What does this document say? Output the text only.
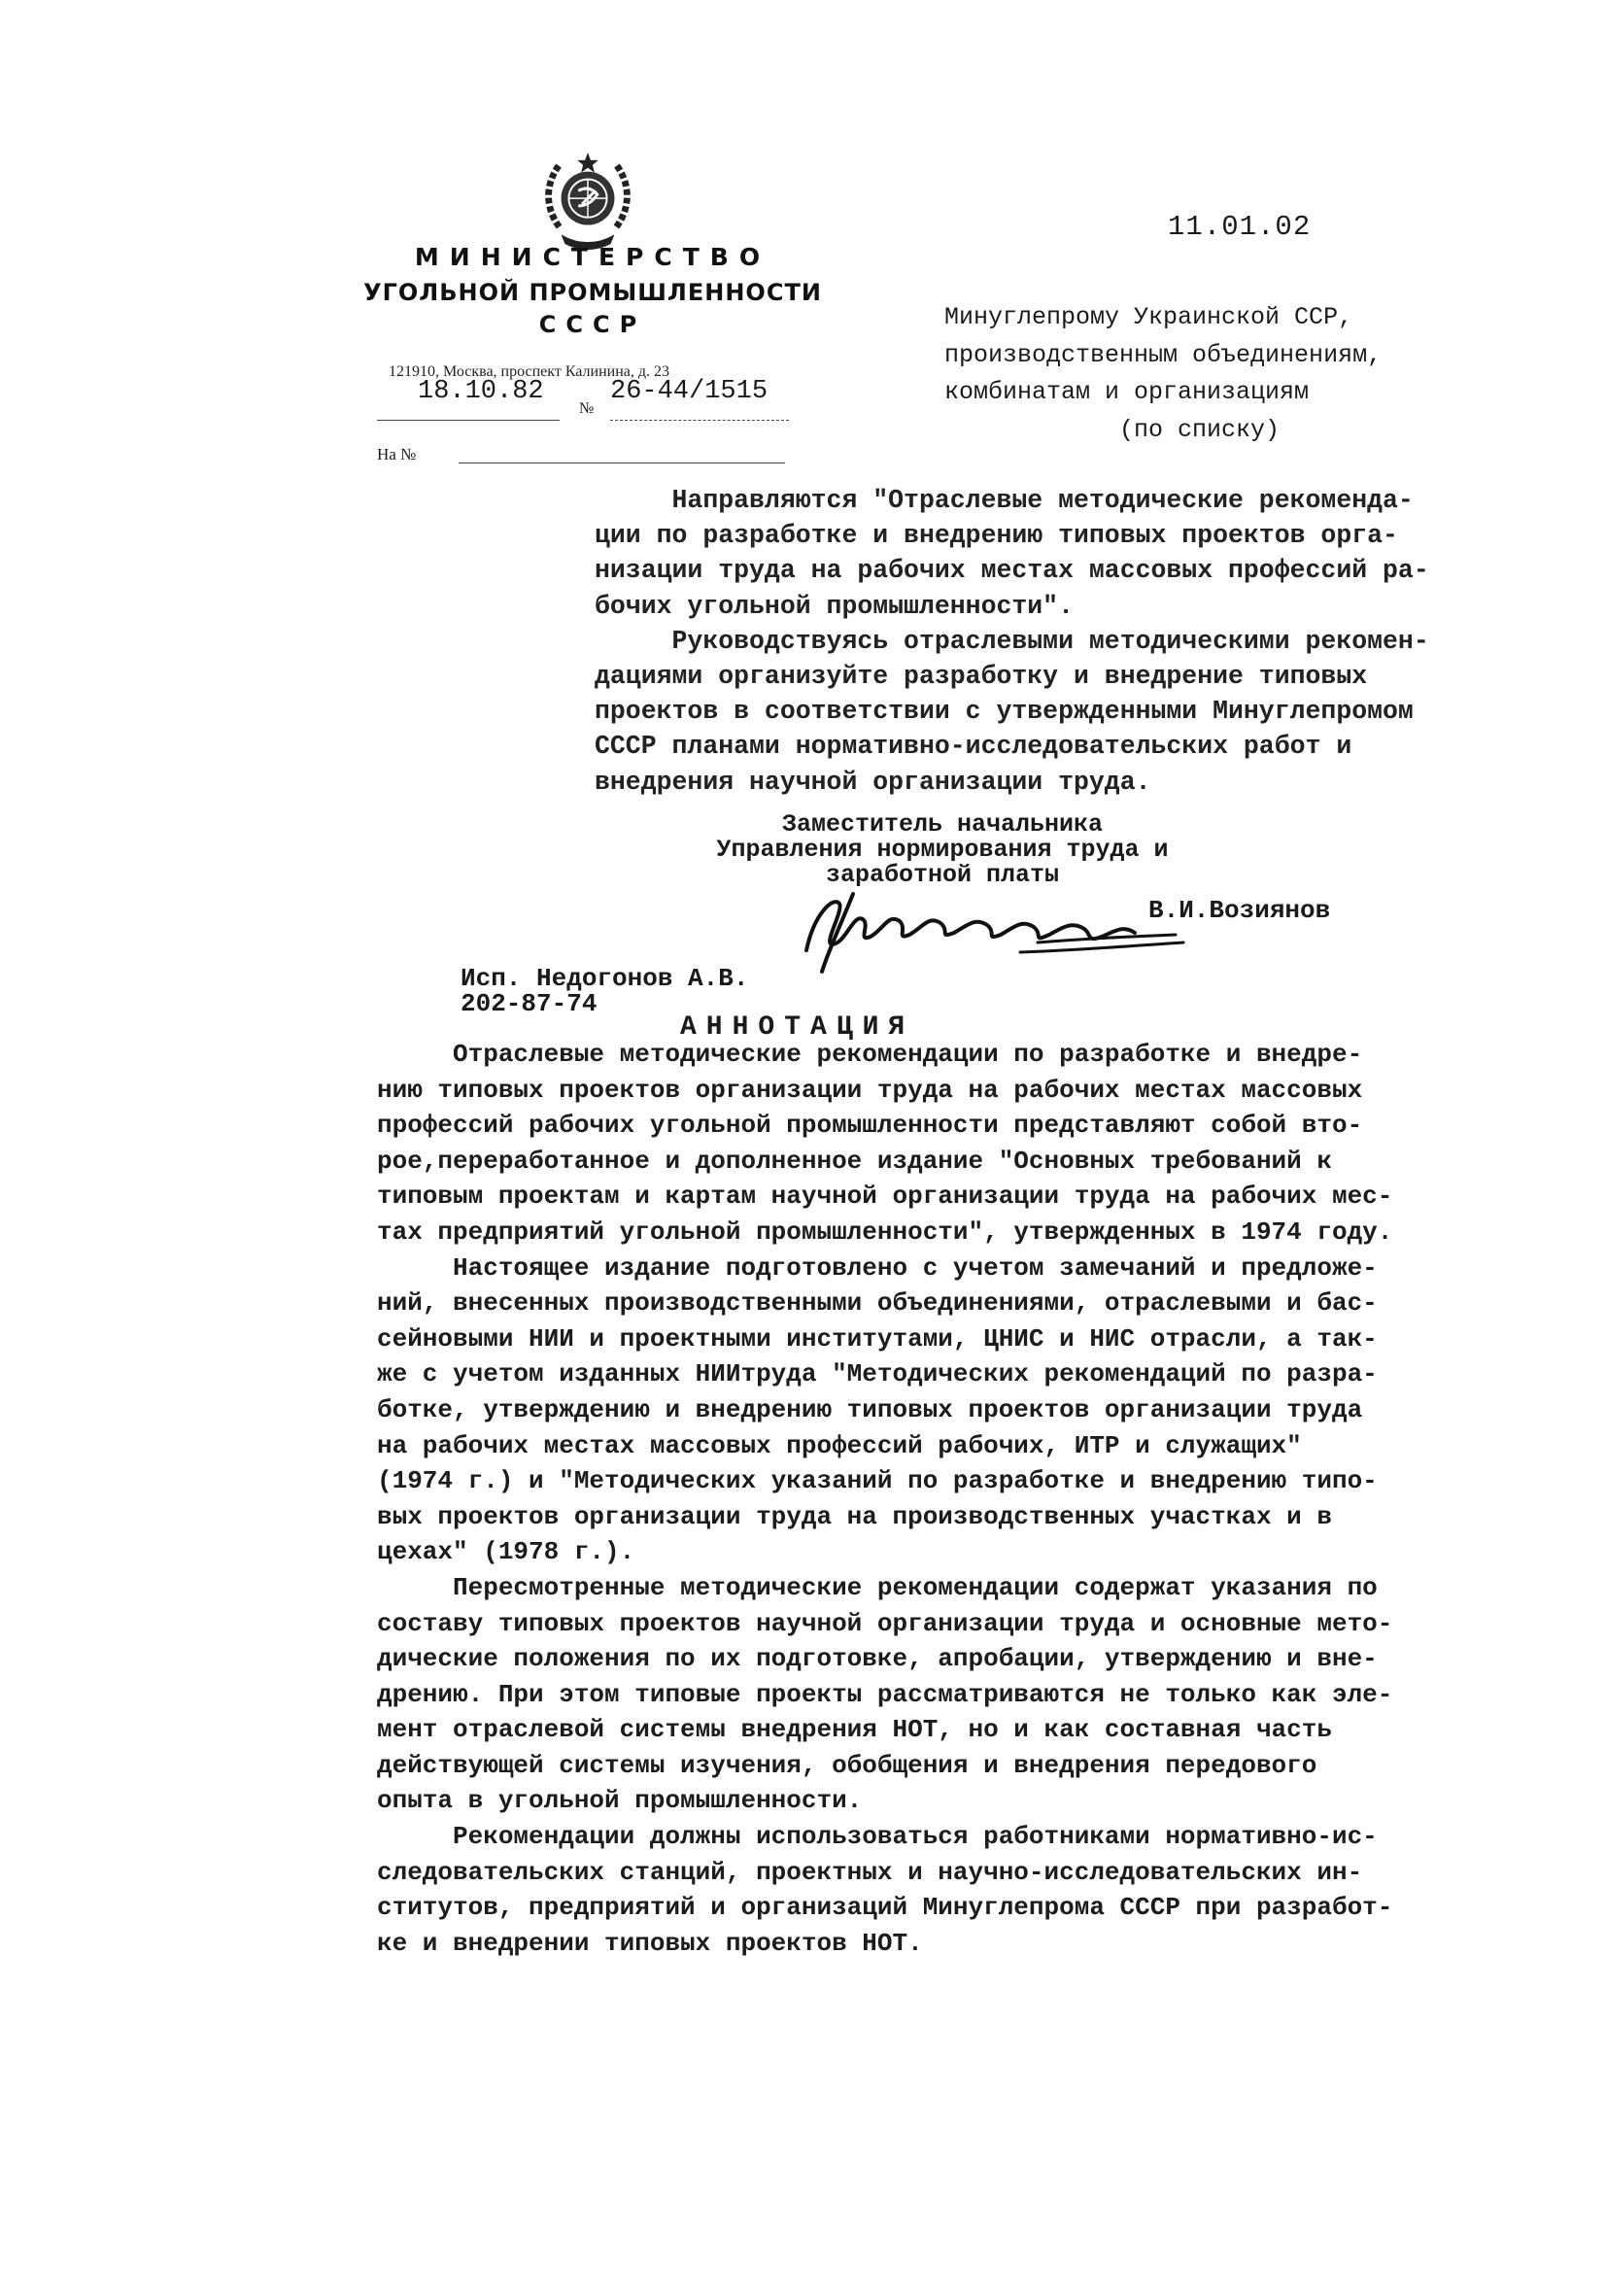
МИНИСТЕРСТВО
УГОЛЬНОЙ ПРОМЫШЛЕННОСТИ
СССР
121910, Москва, проспект Калинина, д. 23
18.10.82
№
26-44/1515
На №
11.01.02
Минуглепрому Украинской ССР,
производственным объединениям,
комбинатам и организациям
(по списку)
Направляются "Отраслевые методические рекоменда-
ции по разработке и внедрению типовых проектов орга-
низации труда на рабочих местах массовых профессий ра-
бочих угольной промышленности".
Руководствуясь отраслевыми методическими рекомен-
дациями организуйте разработку и внедрение типовых
проектов в соответствии с утвержденными Минуглепромом
СССР планами нормативно-исследовательских работ и
внедрения научной организации труда.
Заместитель начальника
Управления нормирования труда и
заработной платы
В.И.Возиянов
Исп. Недогонов А.В.
202-87-74
АННОТАЦИЯ
Отраслевые методические рекомендации по разработке и внедре-
нию типовых проектов организации труда на рабочих местах массовых
профессий рабочих угольной промышленности представляют собой вто-
рое,переработанное и дополненное издание "Основных требований к
типовым проектам и картам научной организации труда на рабочих мес-
тах предприятий угольной промышленности", утвержденных в 1974 году.
Настоящее издание подготовлено с учетом замечаний и предложе-
ний, внесенных производственными объединениями, отраслевыми и бас-
сейновыми НИИ и проектными институтами, ЦНИС и НИС отрасли, а так-
же с учетом изданных НИИтруда "Методических рекомендаций по разра-
ботке, утверждению и внедрению типовых проектов организации труда
на рабочих местах массовых профессий рабочих, ИТР и служащих"
(1974 г.) и "Методических указаний по разработке и внедрению типо-
вых проектов организации труда на производственных участках и в
цехах" (1978 г.).
Пересмотренные методические рекомендации содержат указания по
составу типовых проектов научной организации труда и основные мето-
дические положения по их подготовке, апробации, утверждению и вне-
дрению. При этом типовые проекты рассматриваются не только как эле-
мент отраслевой системы внедрения НОТ, но и как составная часть
действующей системы изучения, обобщения и внедрения передового
опыта в угольной промышленности.
Рекомендации должны использоваться работниками нормативно-ис-
следовательских станций, проектных и научно-исследовательских ин-
ститутов, предприятий и организаций Минуглепрома СССР при разработ-
ке и внедрении типовых проектов НОТ.
